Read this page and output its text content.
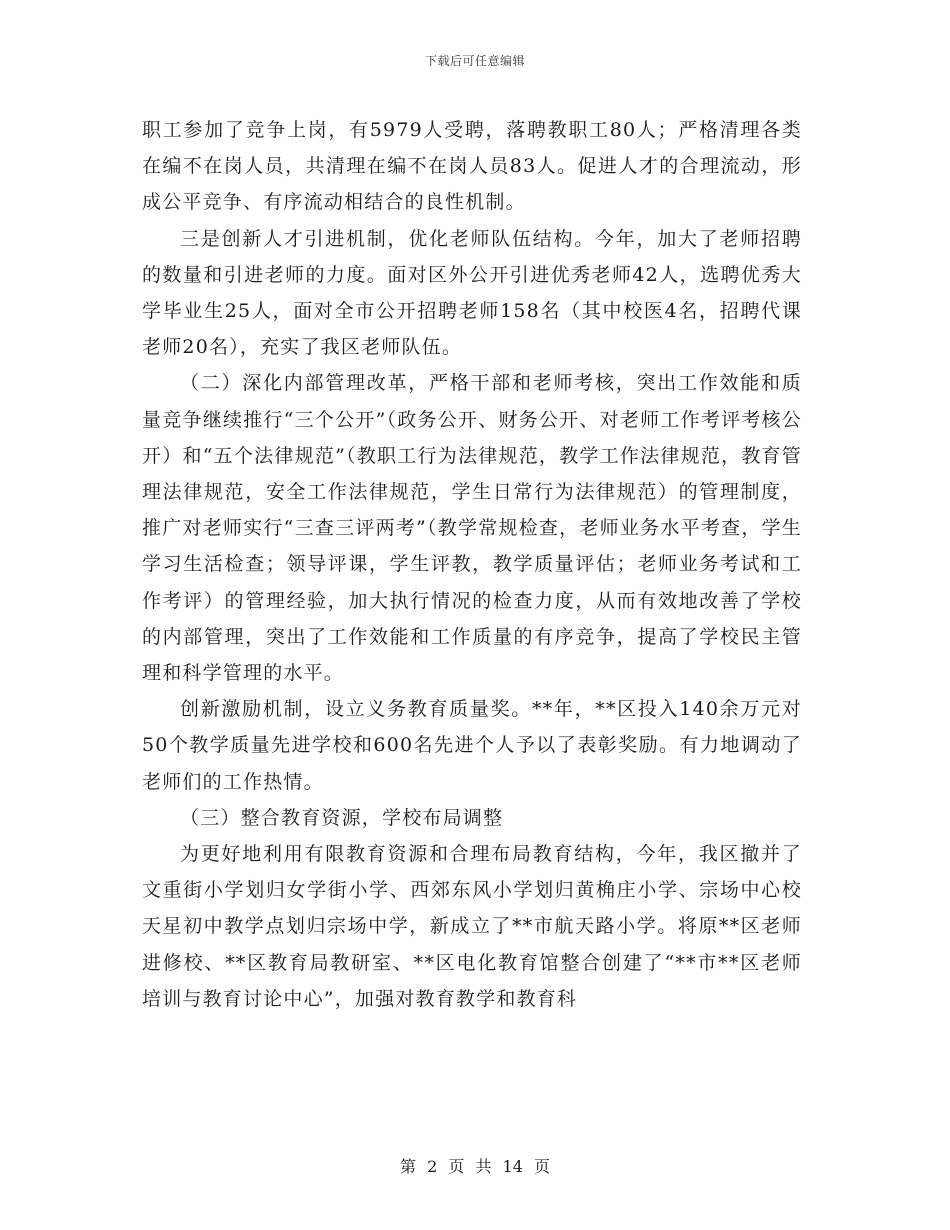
下载后可任意编辑

职工参加了竞争上岗，有5979人受聘，落聘教职工80人；严格清理各类在编不在岗人员，共清理在编不在岗人员83人。促进人才的合理流动，形成公平竞争、有序流动相结合的良性机制。

三是创新人才引进机制，优化老师队伍结构。今年，加大了老师招聘的数量和引进老师的力度。面对区外公开引进优秀老师42人，选聘优秀大学毕业生25人，面对全市公开招聘老师158名（其中校医4名，招聘代课老师20名），充实了我区老师队伍。

（二）深化内部管理改革，严格干部和老师考核，突出工作效能和质量竞争继续推行“三个公开”（政务公开、财务公开、对老师工作考评考核公开）和“五个法律规范”（教职工行为法律规范，教学工作法律规范，教育管理法律规范，安全工作法律规范，学生日常行为法律规范）的管理制度，推广对老师实行“三查三评两考”（教学常规检查，老师业务水平考查，学生学习生活检查；领导评课，学生评教，教学质量评估；老师业务考试和工作考评）的管理经验，加大执行情况的检查力度，从而有效地改善了学校的内部管理，突出了工作效能和工作质量的有序竞争，提高了学校民主管理和科学管理的水平。

创新激励机制，设立义务教育质量奖。**年，**区投入140余万元对50个教学质量先进学校和600名先进个人予以了表彰奖励。有力地调动了老师们的工作热情。

（三）整合教育资源，学校布局调整

为更好地利用有限教育资源和合理布局教育结构，今年，我区撤并了文重街小学划归女学街小学、西郊东风小学划归黄桷庄小学、宗场中心校天星初中教学点划归宗场中学，新成立了**市航天路小学。将原**区老师进修校、**区教育局教研室、**区电化教育馆整合创建了“**市**区老师培训与教育讨论中心”，加强对教育教学和教育科

第 2 页 共 14 页
